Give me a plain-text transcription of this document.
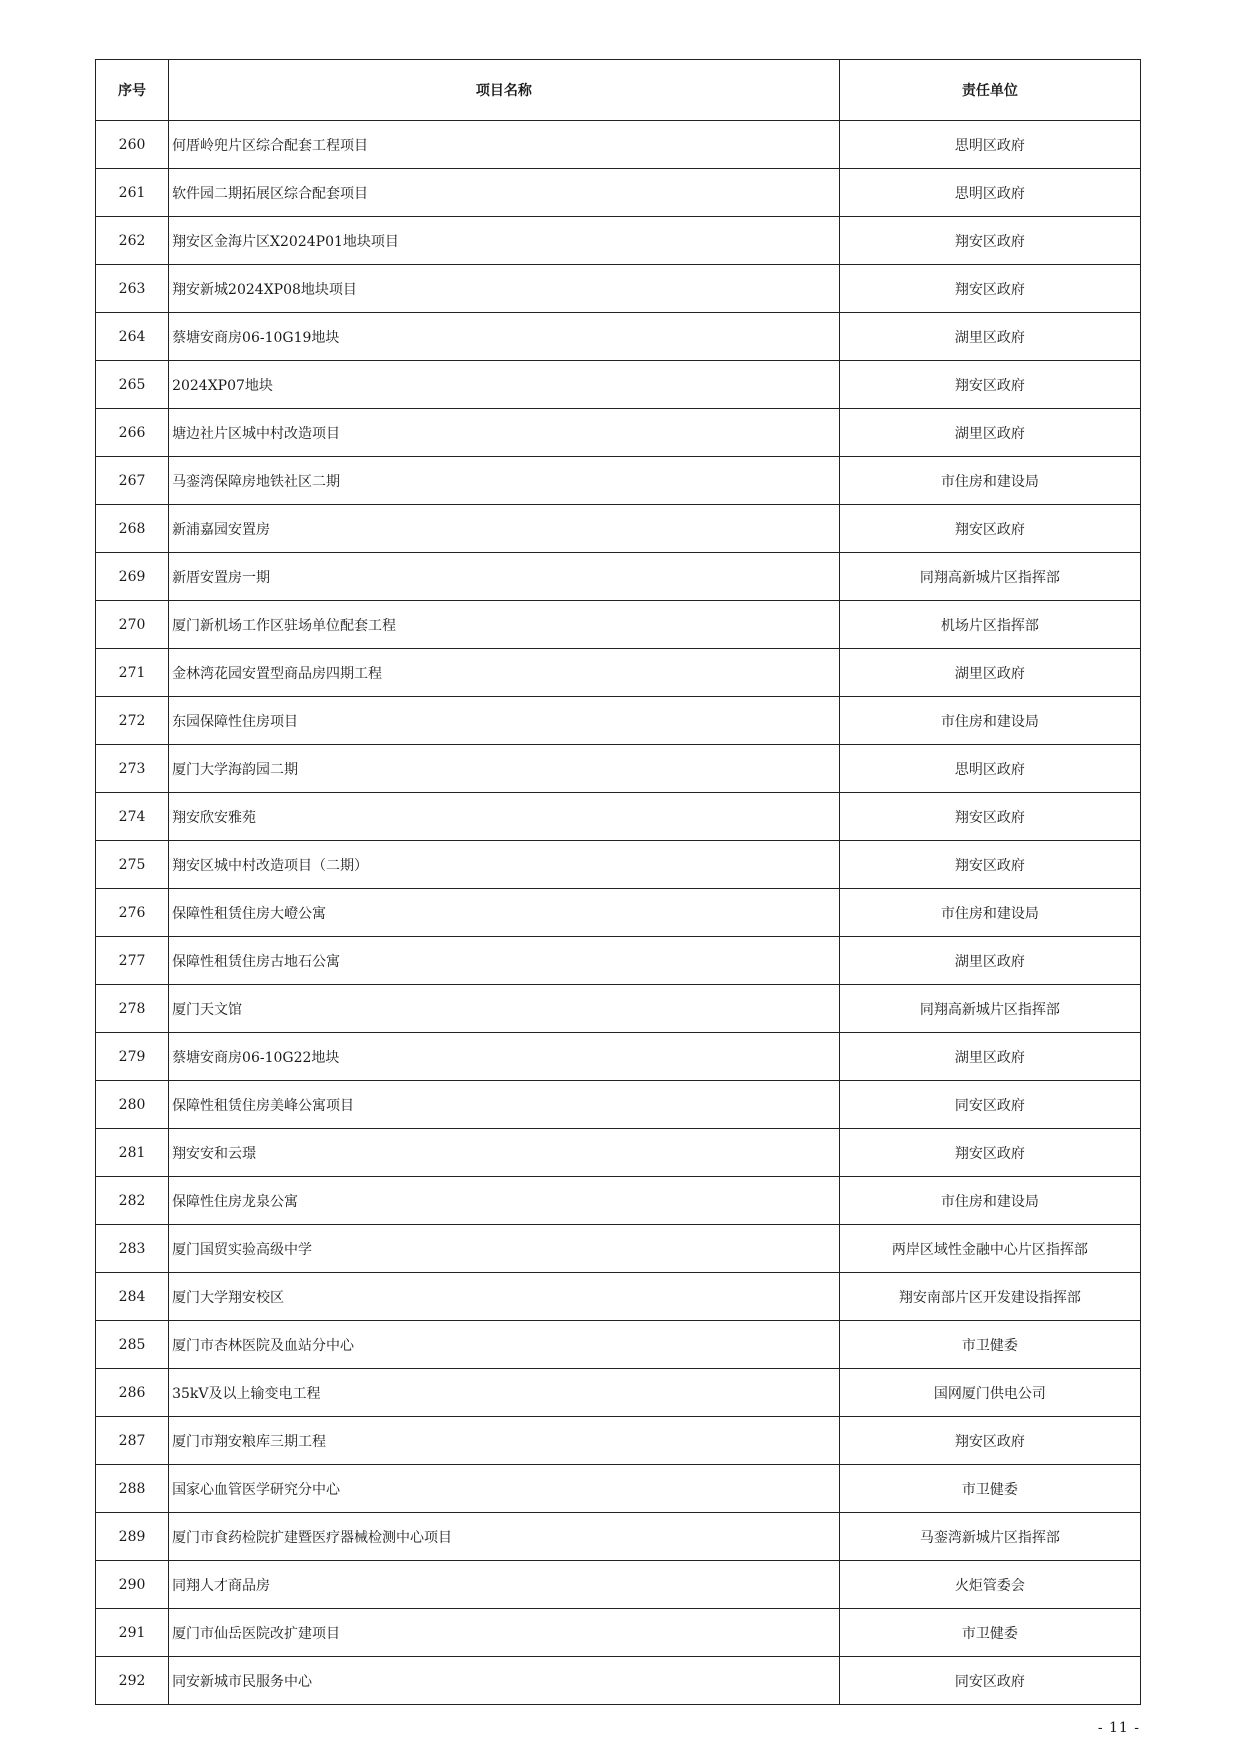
序号	项目名称	责任单位
260	何厝岭兜片区综合配套工程项目	思明区政府
261	软件园二期拓展区综合配套项目	思明区政府
262	翔安区金海片区X2024P01地块项目	翔安区政府
263	翔安新城2024XP08地块项目	翔安区政府
264	蔡塘安商房06-10G19地块	湖里区政府
265	2024XP07地块	翔安区政府
266	塘边社片区城中村改造项目	湖里区政府
267	马銮湾保障房地铁社区二期	市住房和建设局
268	新浦嘉园安置房	翔安区政府
269	新厝安置房一期	同翔高新城片区指挥部
270	厦门新机场工作区驻场单位配套工程	机场片区指挥部
271	金林湾花园安置型商品房四期工程	湖里区政府
272	东园保障性住房项目	市住房和建设局
273	厦门大学海韵园二期	思明区政府
274	翔安欣安雅苑	翔安区政府
275	翔安区城中村改造项目（二期）	翔安区政府
276	保障性租赁住房大嶝公寓	市住房和建设局
277	保障性租赁住房古地石公寓	湖里区政府
278	厦门天文馆	同翔高新城片区指挥部
279	蔡塘安商房06-10G22地块	湖里区政府
280	保障性租赁住房美峰公寓项目	同安区政府
281	翔安安和云璟	翔安区政府
282	保障性住房龙泉公寓	市住房和建设局
283	厦门国贸实验高级中学	两岸区域性金融中心片区指挥部
284	厦门大学翔安校区	翔安南部片区开发建设指挥部
285	厦门市杏林医院及血站分中心	市卫健委
286	35kV及以上输变电工程	国网厦门供电公司
287	厦门市翔安粮库三期工程	翔安区政府
288	国家心血管医学研究分中心	市卫健委
289	厦门市食药检院扩建暨医疗器械检测中心项目	马銮湾新城片区指挥部
290	同翔人才商品房	火炬管委会
291	厦门市仙岳医院改扩建项目	市卫健委
292	同安新城市民服务中心	同安区政府
- 11 -
